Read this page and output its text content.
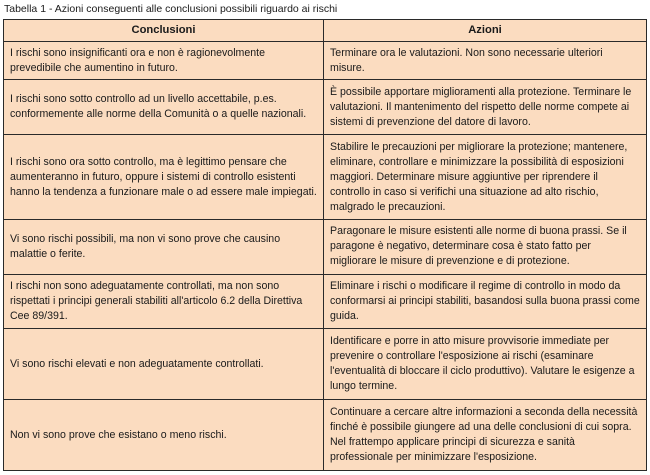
Tabella 1 - Azioni conseguenti alle conclusioni possibili riguardo ai rischi
Conclusioni	Azioni
I rischi sono insignificanti ora e non è ragionevolmente prevedibile che aumentino in futuro.	Terminare ora le valutazioni. Non sono necessarie ulteriori misure.
I rischi sono sotto controllo ad un livello accettabile, p.es. conformemente alle norme della Comunità o a quelle nazionali.	È possibile apportare miglioramenti alla protezione. Terminare le valutazioni. Il mantenimento del rispetto delle norme compete ai sistemi di prevenzione del datore di lavoro.
I rischi sono ora sotto controllo, ma è legittimo pensare che aumenteranno in futuro, oppure i sistemi di controllo esistenti hanno la tendenza a funzionare male o ad essere male impiegati.	Stabilire le precauzioni per migliorare la protezione; mantenere, eliminare, controllare e minimizzare la possibilità di esposizioni maggiori. Determinare misure aggiuntive per riprendere il controllo in caso si verifichi una situazione ad alto rischio, malgrado le precauzioni.
Vi sono rischi possibili, ma non vi sono prove che causino malattie o ferite.	Paragonare le misure esistenti alle norme di buona prassi. Se il paragone è negativo, determinare cosa è stato fatto per migliorare le misure di prevenzione e di protezione.
I rischi non sono adeguatamente controllati, ma non sono rispettati i principi generali stabiliti all'articolo 6.2 della Direttiva Cee 89/391.	Eliminare i rischi o modificare il regime di controllo in modo da conformarsi ai principi stabiliti, basandosi sulla buona prassi come guida.
Vi sono rischi elevati e non adeguatamente controllati.	Identificare e porre in atto misure provvisorie immediate per prevenire o controllare l'esposizione ai rischi (esaminare l'eventualità di bloccare il ciclo produttivo). Valutare le esigenze a lungo termine.
Non vi sono prove che esistano o meno rischi.	Continuare a cercare altre informazioni a seconda della necessità finché è possibile giungere ad una delle conclusioni di cui sopra. Nel frattempo applicare principi di sicurezza e sanità professionale per minimizzare l'esposizione.
